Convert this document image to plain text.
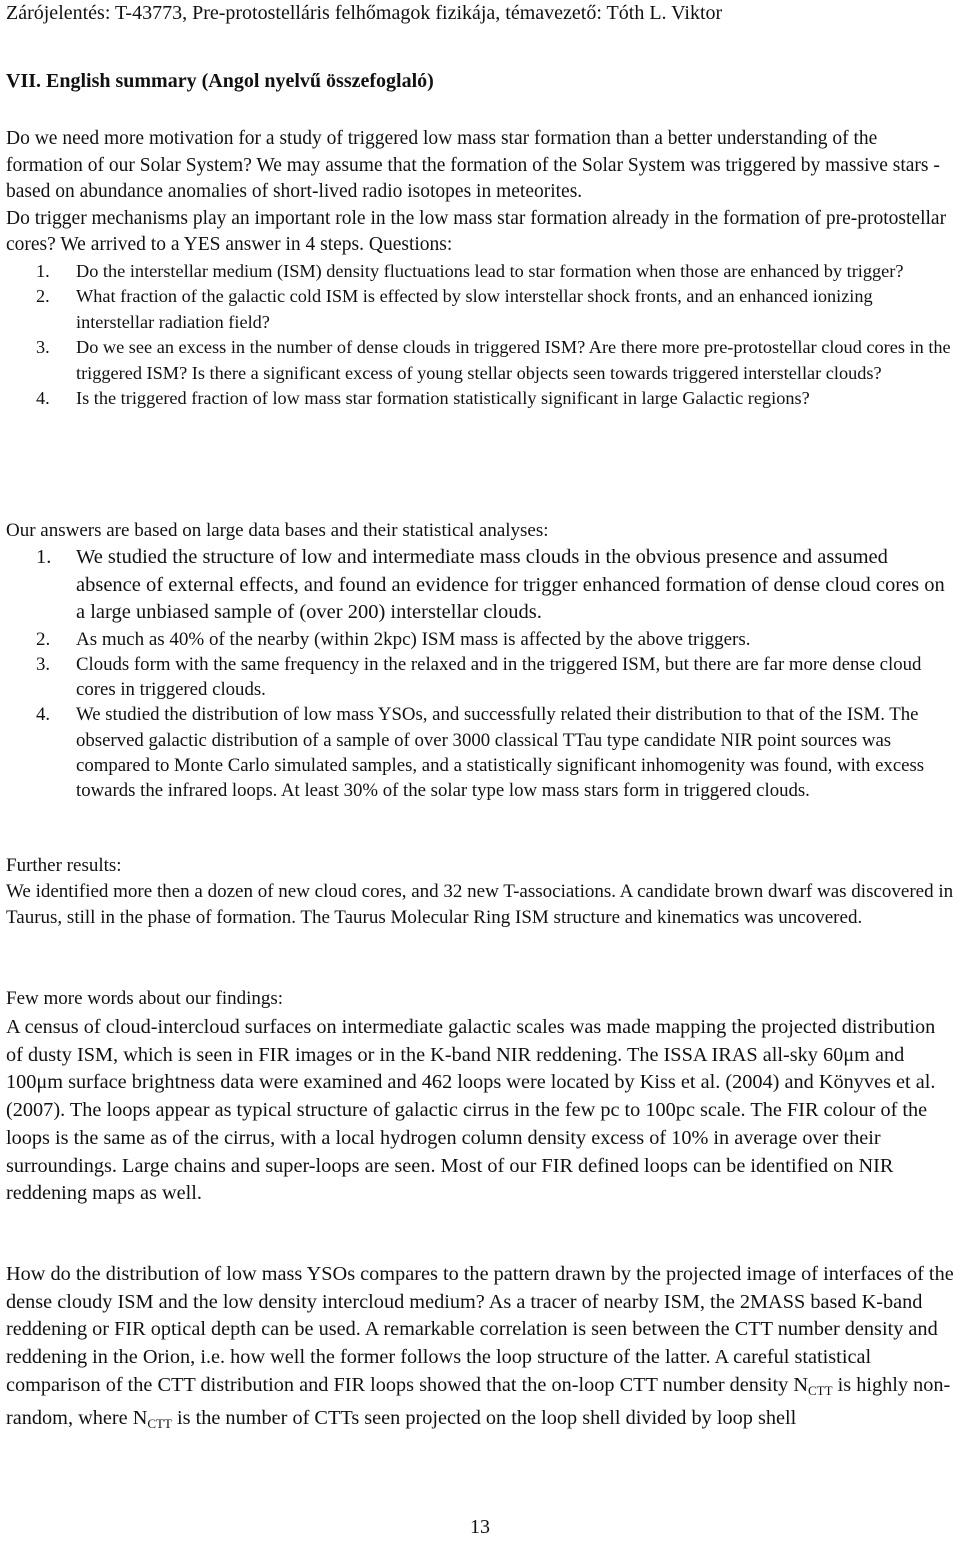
Zárójelentés: T-43773, Pre-protostelláris felhőmagok fizikája, témavezető: Tóth L. Viktor
VII. English summary (Angol nyelvű összefoglaló)

Do we need more motivation for a study of triggered low mass star formation than a better understanding of the formation of our Solar System? We may assume that the formation of the Solar System was triggered by massive stars - based on abundance anomalies of short-lived radio isotopes in meteorites.

Do trigger mechanisms play an important role in the low mass star formation already in the formation of pre-protostellar cores? We arrived to a YES answer in 4 steps. Questions:

1. Do the interstellar medium (ISM) density fluctuations lead to star formation when those are enhanced by trigger?
2. What fraction of the galactic cold ISM is effected by slow interstellar shock fronts, and an enhanced ionizing interstellar radiation field?
3. Do we see an excess in the number of dense clouds in triggered ISM? Are there more pre-protostellar cloud cores in the triggered ISM? Is there a significant excess of young stellar objects seen towards triggered interstellar clouds?
4. Is the triggered fraction of low mass star formation statistically significant in large Galactic regions?

Our answers are based on large data bases and their statistical analyses:

1. We studied the structure of low and intermediate mass clouds in the obvious presence and assumed absence of external effects, and found an evidence for trigger enhanced formation of dense cloud cores on a large unbiased sample of (over 200) interstellar clouds.
2. As much as 40% of the nearby (within 2kpc) ISM mass is affected by the above triggers.
3. Clouds form with the same frequency in the relaxed and in the triggered ISM, but there are far more dense cloud cores in triggered clouds.
4. We studied the distribution of low mass YSOs, and successfully related their distribution to that of the ISM. The observed galactic distribution of a sample of over 3000 classical TTau type candidate NIR point sources was compared to Monte Carlo simulated samples, and a statistically significant inhomogenity was found, with excess towards the infrared loops. At least 30% of the solar type low mass stars form in triggered clouds.

Further results:

We identified more then a dozen of new cloud cores, and 32 new T-associations. A candidate brown dwarf was discovered in Taurus, still in the phase of formation. The Taurus Molecular Ring ISM structure and kinematics was uncovered.

Few more words about our findings:

A census of cloud-intercloud surfaces on intermediate galactic scales was made mapping the projected distribution of dusty ISM, which is seen in FIR images or in the K-band NIR reddening. The ISSA IRAS all-sky 60μm and 100μm surface brightness data were examined and 462 loops were located by Kiss et al. (2004) and Könyves et al. (2007). The loops appear as typical structure of galactic cirrus in the few pc to 100pc scale. The FIR colour of the loops is the same as of the cirrus, with a local hydrogen column density excess of 10% in average over their surroundings. Large chains and super-loops are seen. Most of our FIR defined loops can be identified on NIR reddening maps as well.

How do the distribution of low mass YSOs compares to the pattern drawn by the projected image of interfaces of the dense cloudy ISM and the low density intercloud medium? As a tracer of nearby ISM, the 2MASS based K-band reddening or FIR optical depth can be used. A remarkable correlation is seen between the CTT number density and reddening in the Orion, i.e. how well the former follows the loop structure of the latter. A careful statistical comparison of the CTT distribution and FIR loops showed that the on-loop CTT number density $N_{CTT}$ is highly non-random, where $N_{CTT}$ is the number of CTTs seen projected on the loop shell divided by loop shell

13
